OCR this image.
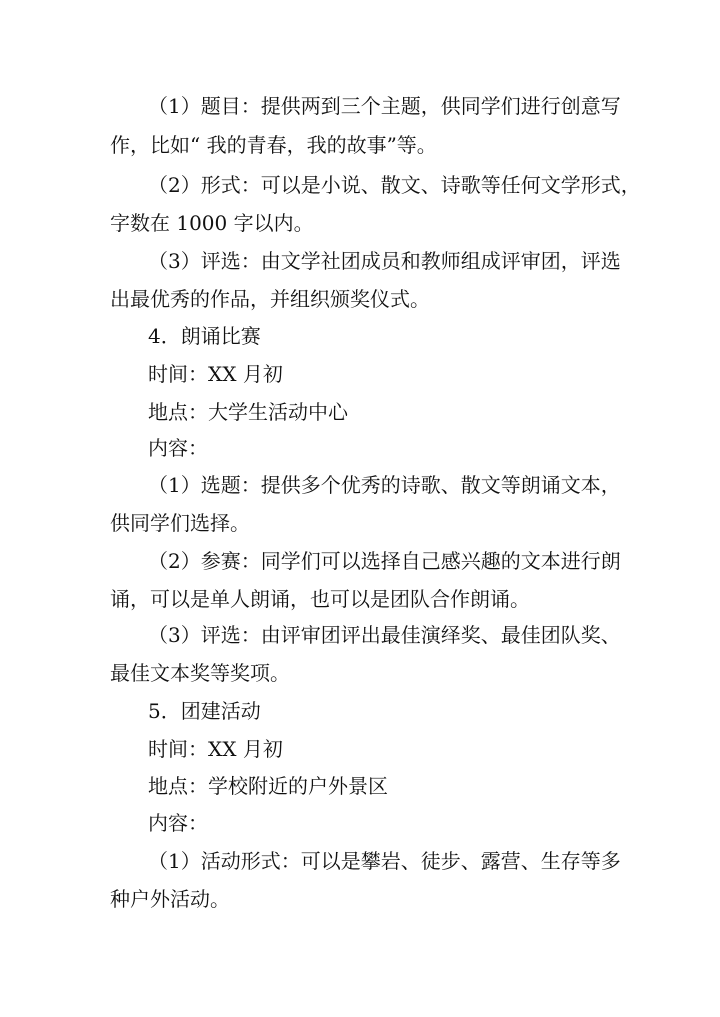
（1）题目：提供两到三个主题，供同学们进行创意写

作，比如“ 我的青春，我的故事”等。

（2）形式：可以是小说、散文、诗歌等任何文学形式，

字数在 1000 字以内。

（3）评选：由文学社团成员和教师组成评审团，评选

出最优秀的作品，并组织颁奖仪式。

4．朗诵比赛

时间：XX 月初

地点：大学生活动中心

内容：

（1）选题：提供多个优秀的诗歌、散文等朗诵文本，

供同学们选择。

（2）参赛：同学们可以选择自己感兴趣的文本进行朗

诵，可以是单人朗诵，也可以是团队合作朗诵。

（3）评选：由评审团评出最佳演绎奖、最佳团队奖、

最佳文本奖等奖项。

5．团建活动

时间：XX 月初

地点：学校附近的户外景区

内容：

（1）活动形式：可以是攀岩、徒步、露营、生存等多

种户外活动。
